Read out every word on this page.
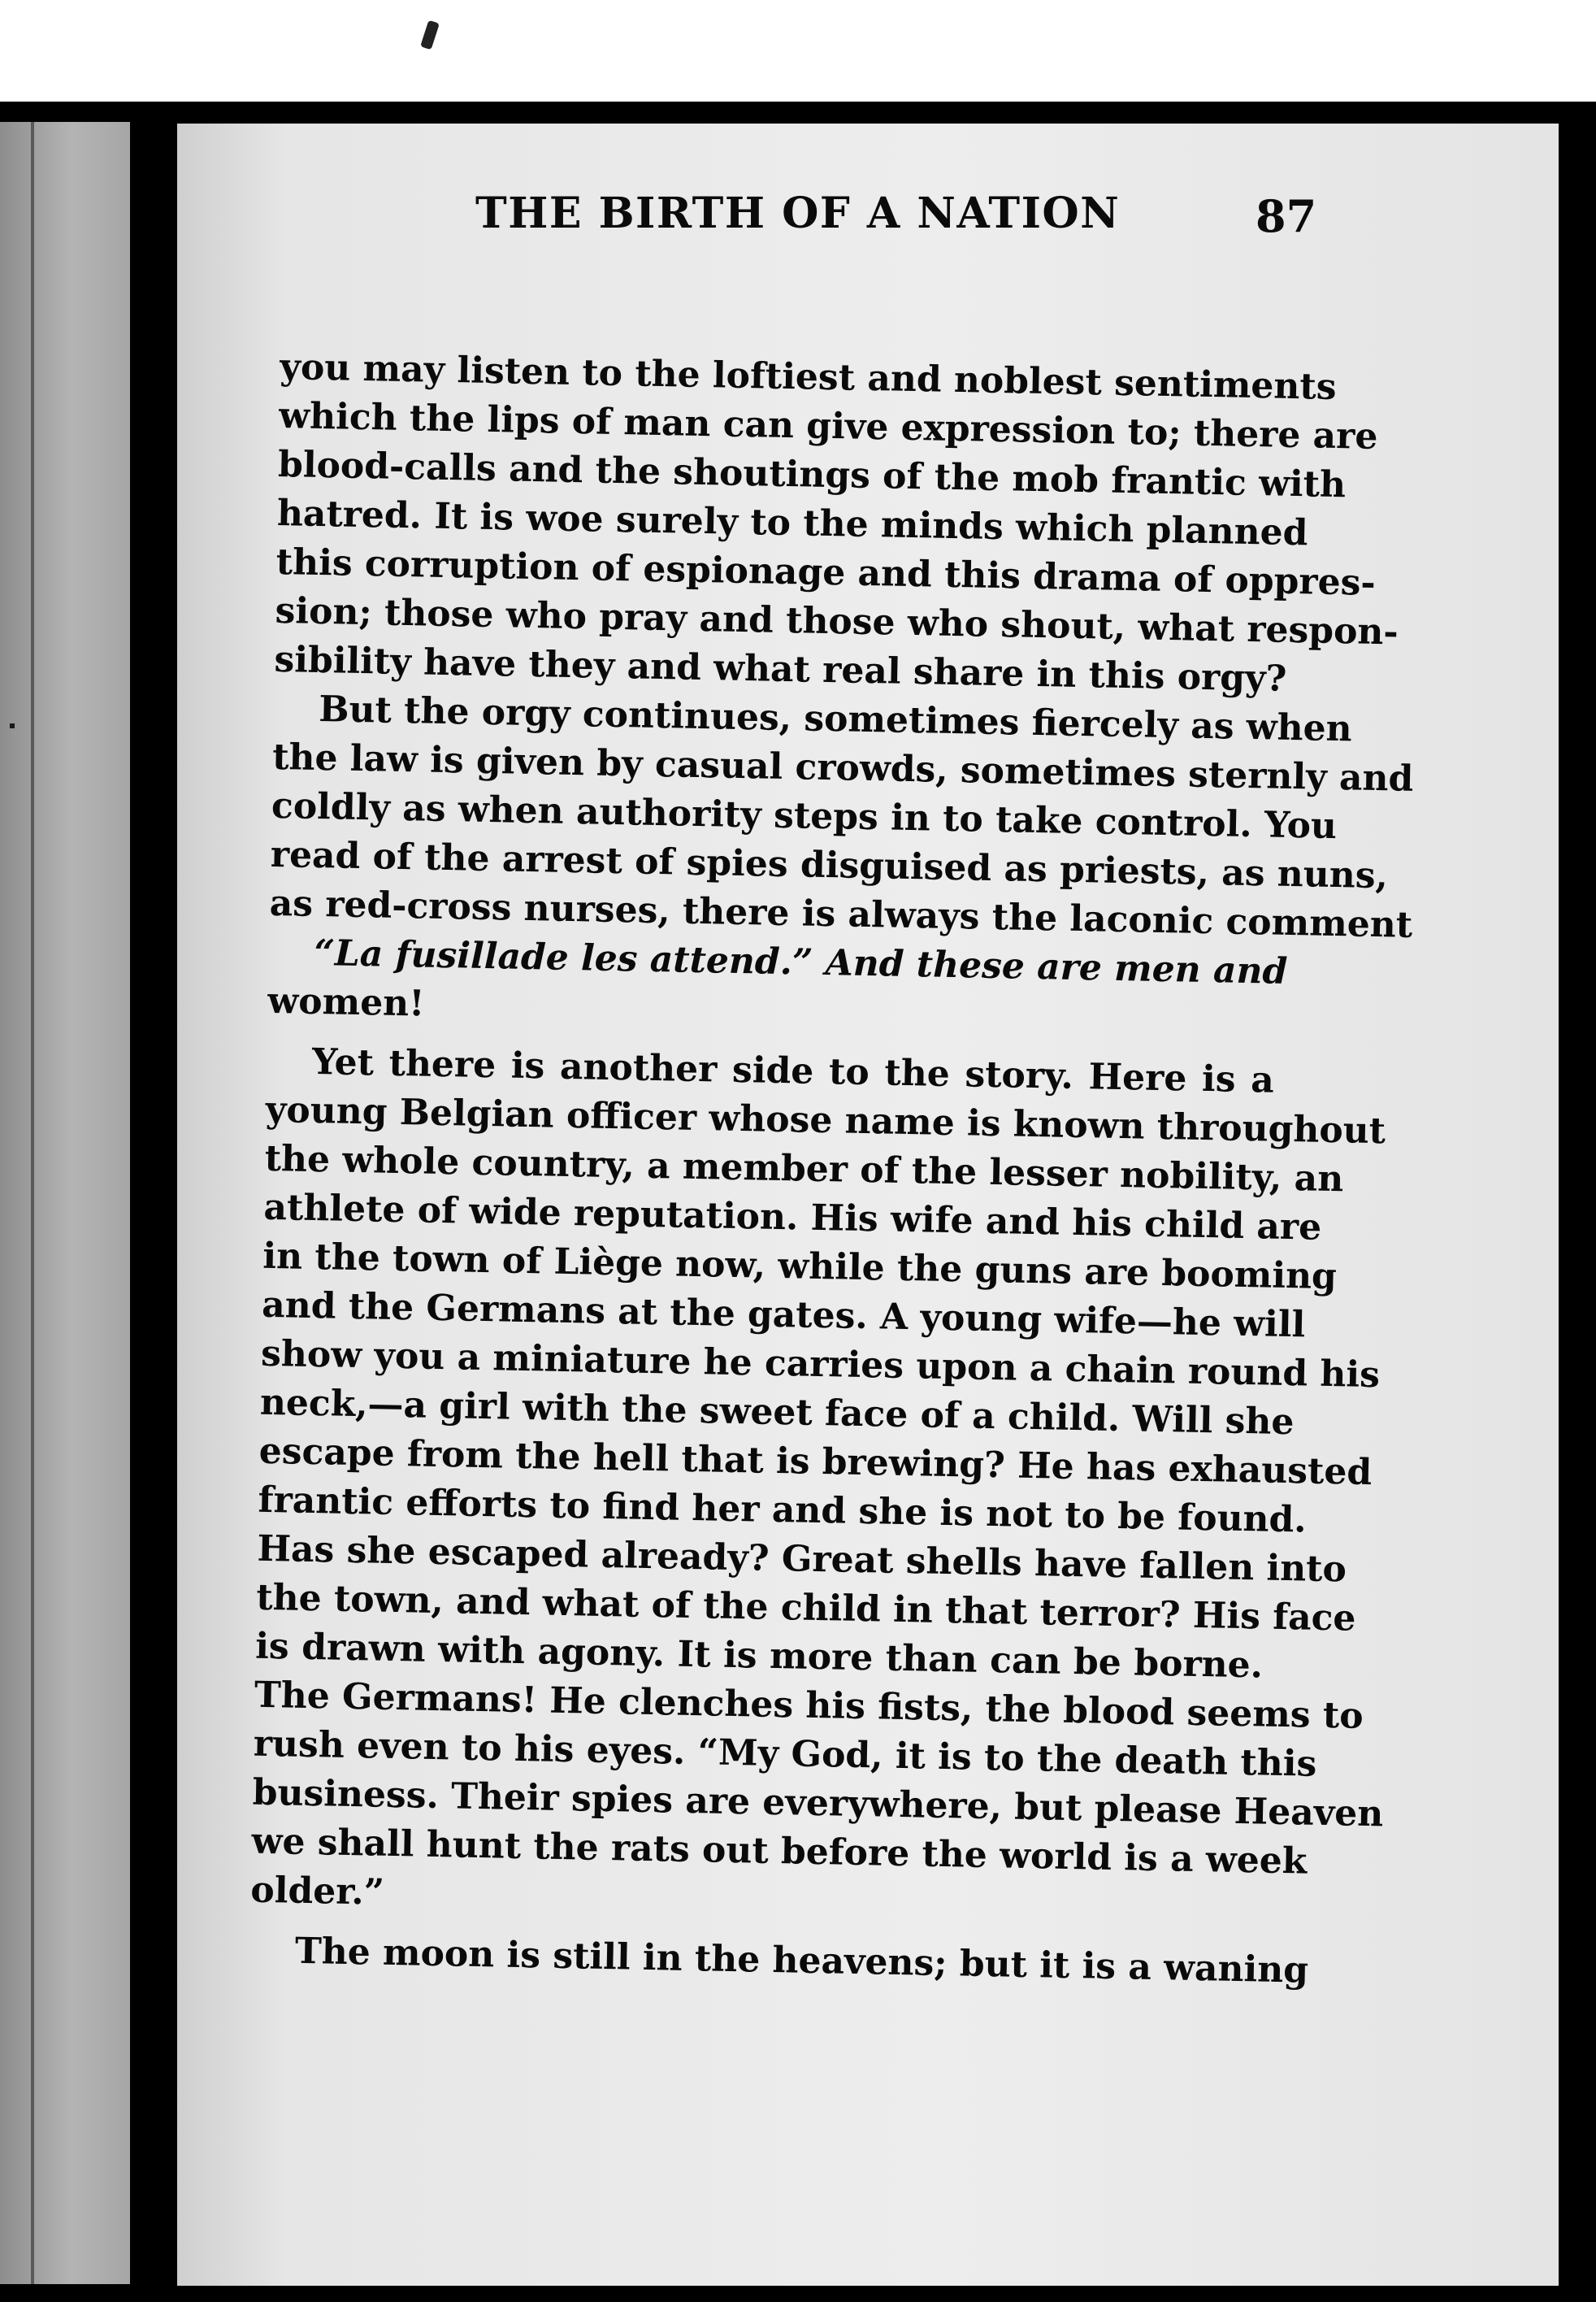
THE BIRTH OF A NATION	87
you may listen to the loftiest and noblest sentiments
which the lips of man can give expression to; there are
blood-calls and the shoutings of the mob frantic with
hatred. It is woe surely to the minds which planned
this corruption of espionage and this drama of oppres-
sion; those who pray and those who shout, what respon-
sibility have they and what real share in this orgy?
But the orgy continues, sometimes fiercely as when
the law is given by casual crowds, sometimes sternly and
coldly as when authority steps in to take control. You
read of the arrest of spies disguised as priests, as nuns,
as red-cross nurses, there is always the laconic comment
“La fusillade les attend.” And these are men and
women!
Yet there is another side to the story. Here is a
young Belgian officer whose name is known throughout
the whole country, a member of the lesser nobility, an
athlete of wide reputation. His wife and his child are
in the town of Liège now, while the guns are booming
and the Germans at the gates. A young wife—he will
show you a miniature he carries upon a chain round his
neck,—a girl with the sweet face of a child. Will she
escape from the hell that is brewing? He has exhausted
frantic efforts to find her and she is not to be found.
Has she escaped already? Great shells have fallen into
the town, and what of the child in that terror? His face
is drawn with agony. It is more than can be borne.
The Germans! He clenches his fists, the blood seems to
rush even to his eyes. “My God, it is to the death this
business. Their spies are everywhere, but please Heaven
we shall hunt the rats out before the world is a week
older.”
The moon is still in the heavens; but it is a waning
